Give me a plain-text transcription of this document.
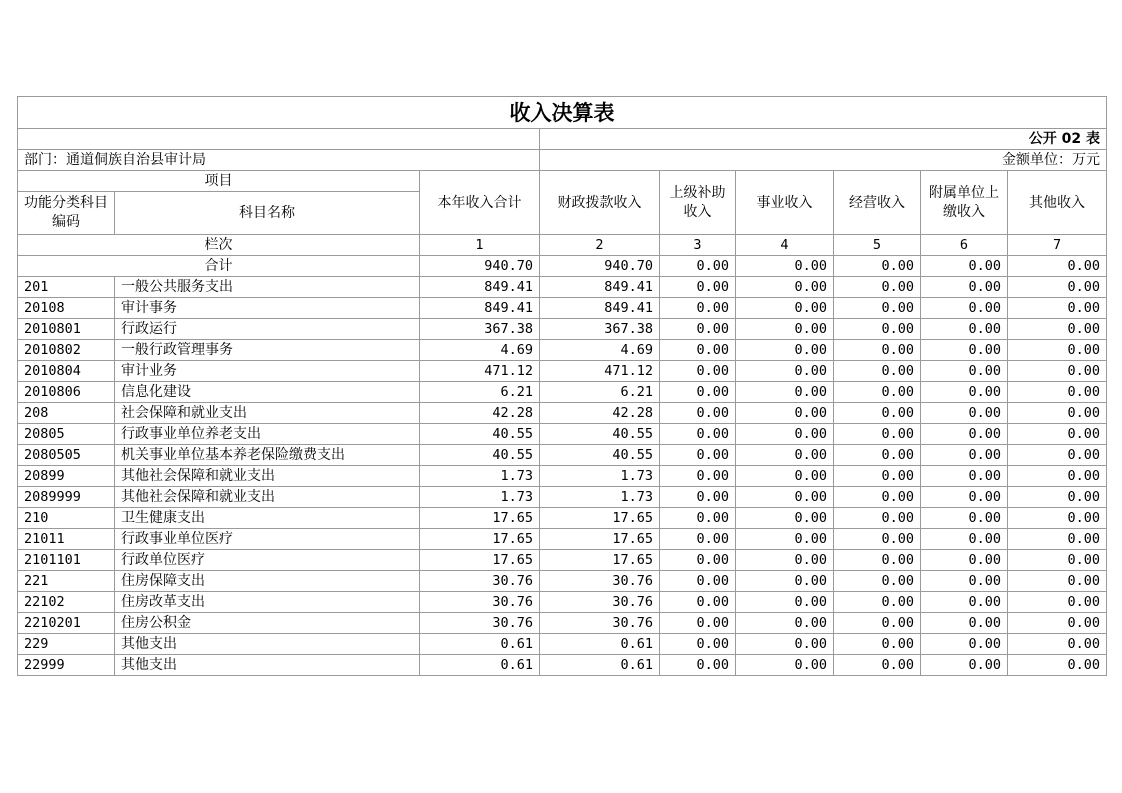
收入决算表								
			公开 02 表					
部门：通道侗族自治县审计局			金额单位：万元					
项目		本年收入合计	财政拨款收入	上级补助收入	事业收入	经营收入	附属单位上缴收入	其他收入
功能分类科目编码	科目名称							
栏次		1	2	3	4	5	6	7
合计		940.70	940.70	0.00	0.00	0.00	0.00	0.00
201	一般公共服务支出	849.41	849.41	0.00	0.00	0.00	0.00	0.00
20108	审计事务	849.41	849.41	0.00	0.00	0.00	0.00	0.00
2010801	行政运行	367.38	367.38	0.00	0.00	0.00	0.00	0.00
2010802	一般行政管理事务	4.69	4.69	0.00	0.00	0.00	0.00	0.00
2010804	审计业务	471.12	471.12	0.00	0.00	0.00	0.00	0.00
2010806	信息化建设	6.21	6.21	0.00	0.00	0.00	0.00	0.00
208	社会保障和就业支出	42.28	42.28	0.00	0.00	0.00	0.00	0.00
20805	行政事业单位养老支出	40.55	40.55	0.00	0.00	0.00	0.00	0.00
2080505	机关事业单位基本养老保险缴费支出	40.55	40.55	0.00	0.00	0.00	0.00	0.00
20899	其他社会保障和就业支出	1.73	1.73	0.00	0.00	0.00	0.00	0.00
2089999	其他社会保障和就业支出	1.73	1.73	0.00	0.00	0.00	0.00	0.00
210	卫生健康支出	17.65	17.65	0.00	0.00	0.00	0.00	0.00
21011	行政事业单位医疗	17.65	17.65	0.00	0.00	0.00	0.00	0.00
2101101	行政单位医疗	17.65	17.65	0.00	0.00	0.00	0.00	0.00
221	住房保障支出	30.76	30.76	0.00	0.00	0.00	0.00	0.00
22102	住房改革支出	30.76	30.76	0.00	0.00	0.00	0.00	0.00
2210201	住房公积金	30.76	30.76	0.00	0.00	0.00	0.00	0.00
229	其他支出	0.61	0.61	0.00	0.00	0.00	0.00	0.00
22999	其他支出	0.61	0.61	0.00	0.00	0.00	0.00	0.00
